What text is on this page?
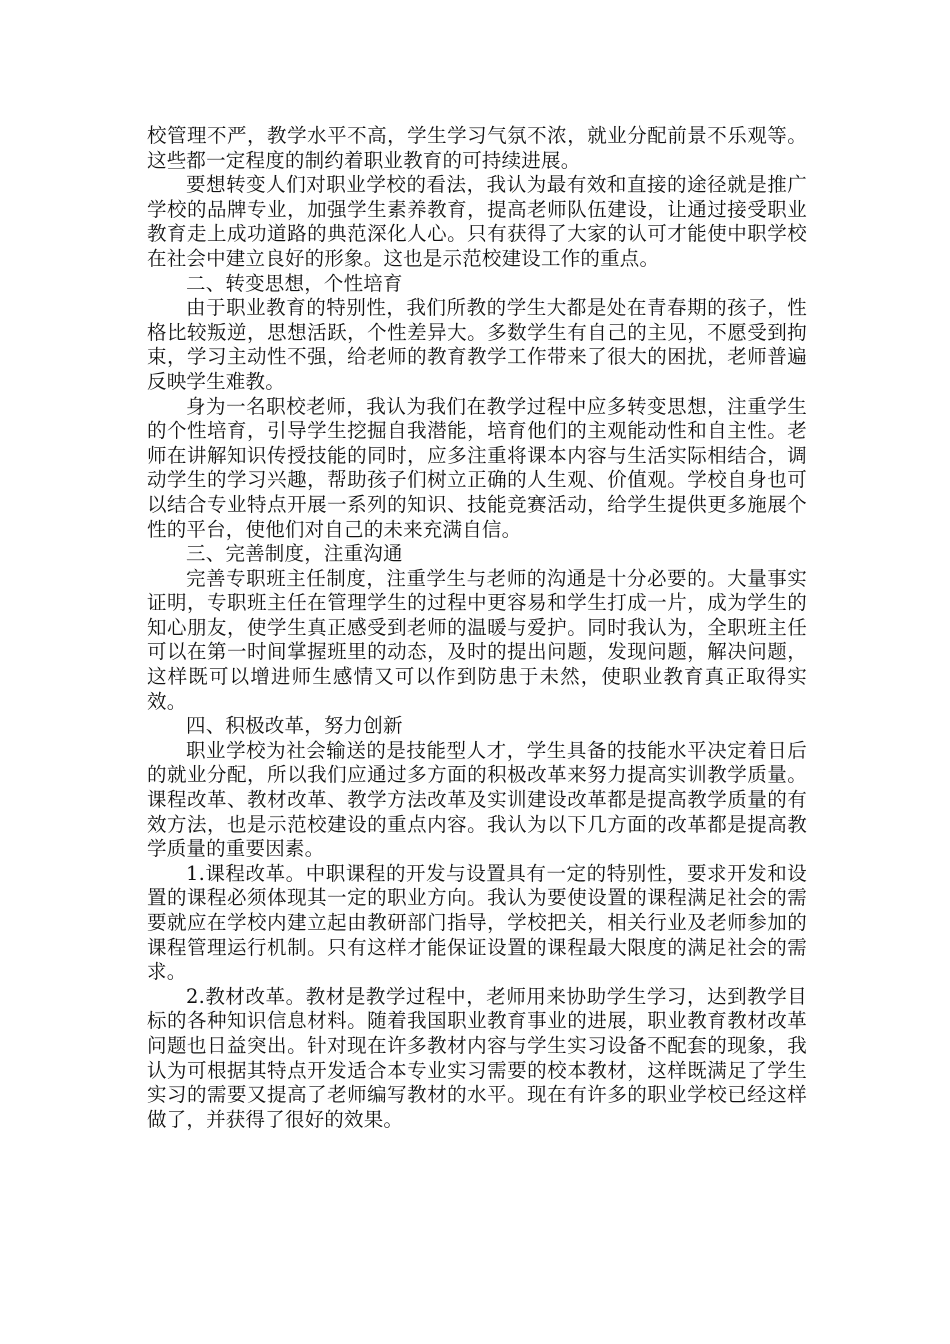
校管理不严，教学水平不高，学生学习气氛不浓，就业分配前景不乐观等。这些都一定程度的制约着职业教育的可持续进展。

要想转变人们对职业学校的看法，我认为最有效和直接的途径就是推广学校的品牌专业，加强学生素养教育，提高老师队伍建设，让通过接受职业教育走上成功道路的典范深化人心。只有获得了大家的认可才能使中职学校在社会中建立良好的形象。这也是示范校建设工作的重点。

二、转变思想，个性培育

由于职业教育的特别性，我们所教的学生大都是处在青春期的孩子，性格比较叛逆，思想活跃，个性差异大。多数学生有自己的主见，不愿受到拘束，学习主动性不强，给老师的教育教学工作带来了很大的困扰，老师普遍反映学生难教。

身为一名职校老师，我认为我们在教学过程中应多转变思想，注重学生的个性培育，引导学生挖掘自我潜能，培育他们的主观能动性和自主性。老师在讲解知识传授技能的同时，应多注重将课本内容与生活实际相结合，调动学生的学习兴趣，帮助孩子们树立正确的人生观、价值观。学校自身也可以结合专业特点开展一系列的知识、技能竞赛活动，给学生提供更多施展个性的平台，使他们对自己的未来充满自信。

三、完善制度，注重沟通

完善专职班主任制度，注重学生与老师的沟通是十分必要的。大量事实证明，专职班主任在管理学生的过程中更容易和学生打成一片，成为学生的知心朋友，使学生真正感受到老师的温暖与爱护。同时我认为，全职班主任可以在第一时间掌握班里的动态，及时的提出问题，发现问题，解决问题，这样既可以增进师生感情又可以作到防患于未然，使职业教育真正取得实效。

四、积极改革，努力创新

职业学校为社会输送的是技能型人才，学生具备的技能水平决定着日后的就业分配，所以我们应通过多方面的积极改革来努力提高实训教学质量。课程改革、教材改革、教学方法改革及实训建设改革都是提高教学质量的有效方法，也是示范校建设的重点内容。我认为以下几方面的改革都是提高教学质量的重要因素。

1.课程改革。中职课程的开发与设置具有一定的特别性，要求开发和设置的课程必须体现其一定的职业方向。我认为要使设置的课程满足社会的需要就应在学校内建立起由教研部门指导，学校把关，相关行业及老师参加的课程管理运行机制。只有这样才能保证设置的课程最大限度的满足社会的需求。

2.教材改革。教材是教学过程中，老师用来协助学生学习，达到教学目标的各种知识信息材料。随着我国职业教育事业的进展，职业教育教材改革问题也日益突出。针对现在许多教材内容与学生实习设备不配套的现象，我认为可根据其特点开发适合本专业实习需要的校本教材，这样既满足了学生实习的需要又提高了老师编写教材的水平。现在有许多的职业学校已经这样做了，并获得了很好的效果。
